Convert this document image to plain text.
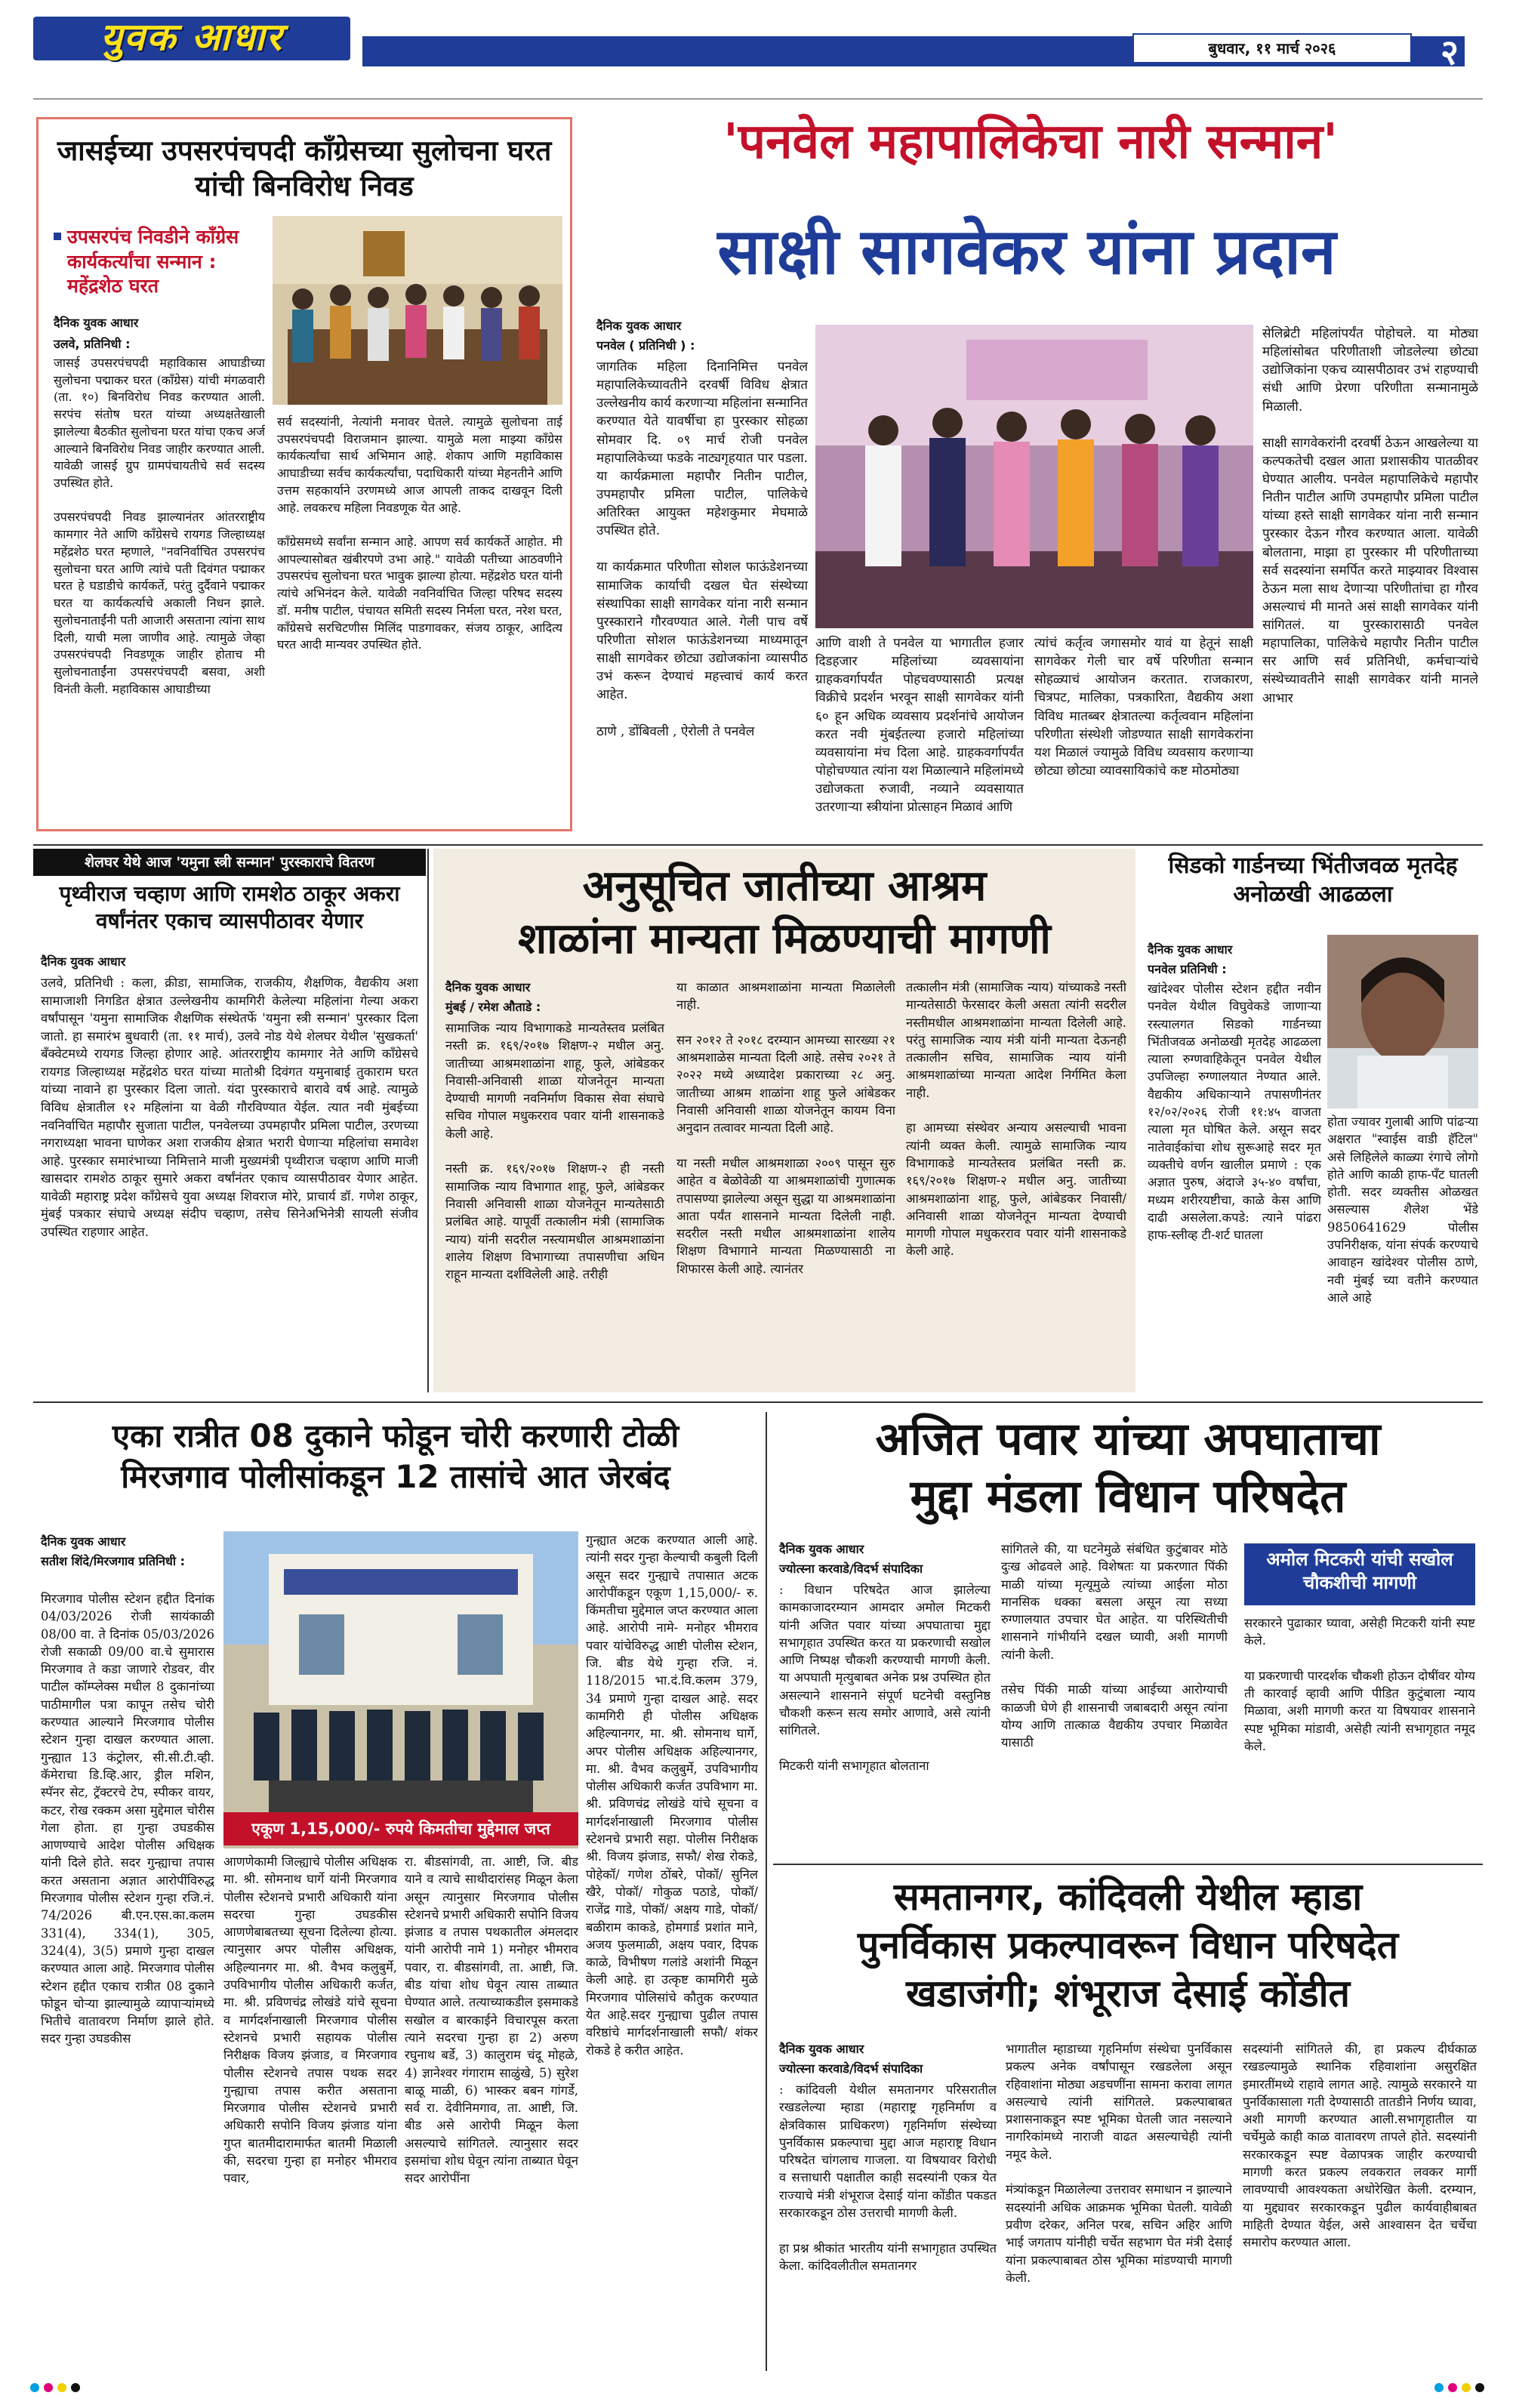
युवक आधार	बुधवार, ११ मार्च २०२६	२
जासईच्या उपसरपंचपदी कॉंग्रेसच्या सुलोचना घरत यांची बिनविरोध निवड
उपसरपंच निवडीने कॉंग्रेस कार्यकर्त्यांचा सन्मान : महेंद्रशेठ घरत
दैनिक युवक आधार
उलवे, प्रतिनिधी :
जासई उपसरपंचपदी महाविकास आघाडीच्या सुलोचना पद्माकर घरत (कॉंग्रेस) यांची मंगळवारी (ता. १०) बिनविरोध निवड करण्यात आली. सरपंच संतोष घरत यांच्या अध्यक्षतेखाली झालेल्या बैठकीत सुलोचना घरत यांचा एकच अर्ज आल्याने बिनविरोध निवड जाहीर करण्यात आली. यावेळी जासई ग्रुप ग्रामपंचायतीचे सर्व सदस्य उपस्थित होते.

उपसरपंचपदी निवड झाल्यानंतर आंतरराष्ट्रीय कामगार नेते आणि कॉंग्रेसचे रायगड जिल्हाध्यक्ष महेंद्रशेठ घरत म्हणाले, "नवनिर्वाचित उपसरपंच सुलोचना घरत आणि त्यांचे पती दिवंगत पद्माकर घरत हे घडाडीचे कार्यकर्ते, परंतु दुर्दैवाने पद्माकर घरत या कार्यकर्त्याचे अकाली निधन झाले. सुलोचनाताईंनी पती आजारी असताना त्यांना साथ दिली, याची मला जाणीव आहे. त्यामुळे जेव्हा उपसरपंचपदी निवडणूक जाहीर होताच मी सुलोचनाताईंना उपसरपंचपदी बसवा, अशी विनंती केली. महाविकास आघाडीच्या
सर्व सदस्यांनी, नेत्यांनी मनावर घेतले. त्यामुळे सुलोचना ताई उपसरपंचपदी विराजमान झाल्या. यामुळे मला माझ्या कॉंग्रेस कार्यकर्त्यांचा सार्थ अभिमान आहे. शेकाप आणि महाविकास आघाडीच्या सर्वच कार्यकर्त्यांचा, पदाधिकारी यांच्या मेहनतीने आणि उत्तम सहकार्याने उरणमध्ये आज आपली ताकद दाखवून दिली आहे. लवकरच महिला निवडणूक येत आहे.

कॉंग्रेसमध्ये सर्वांना सन्मान आहे. आपण सर्व कार्यकर्ते आहोत. मी आपल्यासोबत खंबीरपणे उभा आहे." यावेळी पतीच्या आठवणीने उपसरपंच सुलोचना घरत भावुक झाल्या होत्या. महेंद्रशेठ घरत यांनी त्यांचे अभिनंदन केले. यावेळी नवनिर्वाचित जिल्हा परिषद सदस्य डॉ. मनीष पाटील, पंचायत समिती सदस्य निर्मला घरत, नरेश घरत, कॉंग्रेसचे सरचिटणीस मिलिंद पाडगावकर, संजय ठाकूर, आदित्य घरत आदी मान्यवर उपस्थित होते.
'पनवेल महापालिकेचा नारी सन्मान'
साक्षी सागवेकर यांना प्रदान
दैनिक युवक आधार
पनवेल ( प्रतिनिधी ) :
जागतिक महिला दिनानिमित्त पनवेल महापालिकेच्यावतीने दरवर्षी विविध क्षेत्रात उल्लेखनीय कार्य करणाऱ्या महिलांना सन्मानित करण्यात येते यावर्षीचा हा पुरस्कार सोहळा सोमवार दि. ०९ मार्च रोजी पनवेल महापालिकेच्या फडके नाट्यगृहयात पार पडला. या कार्यक्रमाला महापौर नितीन पाटील, उपमहापौर प्रमिला पाटील, पालिकेचे अतिरिक्त आयुक्त महेशकुमार मेघमाळे उपस्थित होते.

या कार्यक्रमात परिणीता सोशल फाऊंडेशनच्या सामाजिक कार्याची दखल घेत संस्थेच्या संस्थापिका साक्षी सागवेकर यांना नारी सन्मान पुरस्काराने गौरवण्यात आले. गेली पाच वर्षे परिणीता सोशल फाऊंडेशनच्या माध्यमातून साक्षी सागवेकर छोट्या उद्योजकांना व्यासपीठ उभं करून देण्याचं महत्त्वाचं कार्य करत आहेत.

ठाणे , डोंबिवली , ऐरोली ते पनवेल
आणि वाशी ते पनवेल या भागातील हजार दिडहजार महिलांच्या व्यवसायांना ग्राहकवर्गापर्यंत पोहचवण्यासाठी प्रत्यक्ष विक्रीचे प्रदर्शन भरवून साक्षी सागवेकर यांनी ६० हून अधिक व्यवसाय प्रदर्शनांचे आयोजन करत नवी मुंबईतल्या हजारो महिलांच्या व्यवसायांना मंच दिला आहे. ग्राहकवर्गापर्यंत पोहोचण्यात त्यांना यश मिळाल्याने महिलांमध्ये उद्योजकता रुजावी, नव्याने व्यवसायात उतरणाऱ्या स्त्रीयांना प्रोत्साहन मिळावं आणि
त्यांचं कर्तृत्व जगासमोर यावं या हेतूनं साक्षी सागवेकर गेली चार वर्षे परिणीता सन्मान सोहळ्याचं आयोजन करतात. राजकारण, चित्रपट, मालिका, पत्रकारिता, वैद्यकीय अशा विविध मातब्बर क्षेत्रातल्या कर्तृत्ववान महिलांना परिणीता संस्थेशी जोडण्यात साक्षी सागवेकरांना यश मिळालं ज्यामुळे विविध व्यवसाय करणाऱ्या छोट्या छोट्या व्यावसायिकांचे कष्ट मोठमोठ्या
सेलिब्रेटी महिलांपर्यंत पोहोचले. या मोठ्या महिलांसोबत परिणीताशी जोडलेल्या छोट्या उद्योजिकांना एकच व्यासपीठावर उभं राहण्याची संधी आणि प्रेरणा परिणीता सन्मानामुळे मिळाली.

साक्षी सागवेकरांनी दरवर्षी ठेऊन आखलेल्या या कल्पकतेची दखल आता प्रशासकीय पातळीवर घेण्यात आलीय. पनवेल महापालिकेचे महापौर नितीन पाटील आणि उपमहापौर प्रमिला पाटील यांच्या हस्ते साक्षी सागवेकर यांना नारी सन्मान पुरस्कार देऊन गौरव करण्यात आला. यावेळी बोलताना, माझा हा पुरस्कार मी परिणीताच्या सर्व सदस्यांना समर्पित करते माझ्यावर विश्वास ठेऊन मला साथ देणाऱ्या परिणीतांचा हा गौरव असल्याचं मी मानते असं साक्षी सागवेकर यांनी सांगितलं. या पुरस्कारासाठी पनवेल महापालिका, पालिकेचे महापौर नितीन पाटील सर आणि सर्व प्रतिनिधी, कर्मचाऱ्यांचे संस्थेच्यावतीने साक्षी सागवेकर यांनी मानले आभार
शेलघर येथे आज 'यमुना स्त्री सन्मान' पुरस्काराचे वितरण
पृथ्वीराज चव्हाण आणि रामशेठ ठाकूर अकरा वर्षांनंतर एकाच व्यासपीठावर येणार
दैनिक युवक आधार
उलवे, प्रतिनिधी : कला, क्रीडा, सामाजिक, राजकीय, शैक्षणिक, वैद्यकीय अशा सामाजाशी निगडित क्षेत्रात उल्लेखनीय कामगिरी केलेल्या महिलांना गेल्या अकरा वर्षांपासून 'यमुना सामाजिक शैक्षणिक संस्थेतर्फे 'यमुना स्त्री सन्मान' पुरस्कार दिला जातो. हा समारंभ बुधवारी (ता. ११ मार्च), उलवे नोड येथे शेलघर येथील 'सुखकर्ता' बॅंक्वेटमध्ये रायगड जिल्हा होणार आहे. आंतरराष्ट्रीय कामगार नेते आणि कॉंग्रेसचे रायगड जिल्हाध्यक्ष महेंद्रशेठ घरत यांच्या मातोश्री दिवंगत यमुनाबाई तुकाराम घरत यांच्या नावाने हा पुरस्कार दिला जातो. यंदा पुरस्काराचे बारावे वर्ष आहे. त्यामुळे विविध क्षेत्रातील १२ महिलांना या वेळी गौरविण्यात येईल. त्यात नवी मुंबईच्या नवनिर्वाचित महापौर सुजाता पाटील, पनवेलच्या उपमहापौर प्रमिला पाटील, उरणच्या नगराध्यक्षा भावना घाणेकर अशा राजकीय क्षेत्रात भरारी घेणाऱ्या महिलांचा समावेश आहे. पुरस्कार समारंभाच्या निमित्ताने माजी मुख्यमंत्री पृथ्वीराज चव्हाण आणि माजी खासदार रामशेठ ठाकूर सुमारे अकरा वर्षांनंतर एकाच व्यासपीठावर येणार आहेत. यावेळी महाराष्ट्र प्रदेश कॉंग्रेसचे युवा अध्यक्ष शिवराज मोरे, प्राचार्य डॉ. गणेश ठाकूर, मुंबई पत्रकार संघाचे अध्यक्ष संदीप चव्हाण, तसेच सिनेअभिनेत्री सायली संजीव उपस्थित राहणार आहेत.
अनुसूचित जातीच्या आश्रम
शाळांना मान्यता मिळण्याची मागणी
दैनिक युवक आधार
मुंबई / रमेश औताडे :
सामाजिक न्याय विभागाकडे मान्यतेस्तव प्रलंबित नस्ती क्र. १६९/२०१७ शिक्षण-२ मधील अनु. जातीच्या आश्रमशाळांना शाहू, फुले, आंबेडकर निवासी-अनिवासी शाळा योजनेतून मान्यता देण्याची मागणी नवनिर्माण विकास सेवा संघाचे सचिव गोपाल मधुकरराव पवार यांनी शासनाकडे केली आहे.

नस्ती क्र. १६९/२०१७ शिक्षण-२ ही नस्ती सामाजिक न्याय विभागात शाहू, फुले, आंबेडकर निवासी अनिवासी शाळा योजनेतून मान्यतेसाठी प्रलंबित आहे. यापूर्वी तत्कालीन मंत्री (सामाजिक न्याय) यांनी सदरील नस्त्यामधील आश्रमशाळांना शालेय शिक्षण विभागाच्या तपासणीचा अधिन राहून मान्यता दर्शविलेली आहे. तरीही
या काळात आश्रमशाळांना मान्यता मिळालेली नाही.

सन २०१२ ते २०१८ दरम्यान आमच्या सारख्या २१ आश्रमशाळेस मान्यता दिली आहे. तसेच २०२१ ते २०२२ मध्ये अध्यादेश प्रकाराच्या २८ अनु. जातीच्या आश्रम शाळांना शाहू फुले आंबेडकर निवासी अनिवासी शाळा योजनेतून कायम विना अनुदान तत्वावर मान्यता दिली आहे.

या नस्ती मधील आश्रमशाळा २००९ पासून सुरु आहेत व बेळोवेळी या आश्रमशाळांची गुणात्मक तपासण्या झालेल्या असून सुद्धा या आश्रमशाळांना आता पर्यंत शासनाने मान्यता दिलेली नाही. सदरील नस्ती मधील आश्रमशाळांना शालेय शिक्षण विभागाने मान्यता मिळण्यासाठी ना शिफारस केली आहे. त्यानंतर
तत्कालीन मंत्री (सामाजिक न्याय) यांच्याकडे नस्ती मान्यतेसाठी फेरसादर केली असता त्यांनी सदरील नस्तीमधील आश्रमशाळांना मान्यता दिलेली आहे. परंतु सामाजिक न्याय मंत्री यांनी मान्यता देऊनही तत्कालीन सचिव, सामाजिक न्याय यांनी आश्रमशाळांच्या मान्यता आदेश निर्गमित केला नाही.

हा आमच्या संस्थेवर अन्याय असल्याची भावना त्यांनी व्यक्त केली. त्यामुळे सामाजिक न्याय विभागाकडे मान्यतेस्तव प्रलंबित नस्ती क्र. १६९/२०१७ शिक्षण-२ मधील अनु. जातीच्या आश्रमशाळांना शाहू, फुले, आंबेडकर निवासी/अनिवासी शाळा योजनेतून मान्यता देण्याची मागणी गोपाल मधुकरराव पवार यांनी शासनाकडे केली आहे.
सिडको गार्डनच्या भिंतीजवळ मृतदेह अनोळखी आढळला
दैनिक युवक आधार
पनवेल प्रतिनिधी :
खांदेश्वर पोलीस स्टेशन हद्दीत नवीन पनवेल येथील विघुवेकडे जाणाऱ्या रस्त्यालगत सिडको गार्डनच्या भिंतीजवळ अनोळखी मृतदेह आढळला त्याला रुग्णवाहिकेतून पनवेल येथील उपजिल्हा रुग्णालयात नेण्यात आले. वैद्यकीय अधिकाऱ्याने तपासणीनंतर १२/०२/२०२६ रोजी ११:४५ वाजता त्याला मृत घोषित केले. असून सदर नातेवाईकांचा शोध सुरूआहे सदर मृत व्यक्तीचे वर्णन खालील प्रमाणे : एक अज्ञात पुरुष, अंदाजे ३५-४० वर्षांचा, मध्यम शरीरयष्टीचा, काळे केस आणि दाढी असलेला.कपडे: त्याने पांढरा हाफ-स्लीव्ह टी-शर्ट घातला
होता ज्यावर गुलाबी आणि पांढऱ्या अक्षरात "स्वाईस वाडी हॅटिल" असे लिहिलेले काळ्या रंगाचे लोगो होते आणि काळी हाफ-पॅंट घातली होती. सदर व्यक्तीस ओळखत असल्यास शैलेश भेंडे 9850641629 पोलीस उपनिरीक्षक, यांना संपर्क करण्याचे आवाहन खांदेश्वर पोलीस ठाणे, नवी मुंबई च्या वतीने करण्यात आले आहे
एका रात्रीत 08 दुकाने फोडून चोरी करणारी टोळी
मिरजगाव पोलीसांकडून 12 तासांचे आत जेरबंद
दैनिक युवक आधार
सतीश शिंदे/मिरजगाव प्रतिनिधी :
मिरजगाव पोलीस स्टेशन हद्दीत दिनांक 04/03/2026 रोजी सायंकाळी 08/00 वा. ते दिनांक 05/03/2026 रोजी सकाळी 09/00 वा.चे सुमारास मिरजगाव ते कडा जाणारे रोडवर, वीर पाटील कॉम्प्लेक्स मधील 8 दुकानांच्या पाठीमागील पत्रा कापून तसेच चोरी करण्यात आल्याने मिरजगाव पोलीस स्टेशन गुन्हा दाखल करण्यात आला. गुन्ह्यात 13 कंट्रोलर, सी.सी.टी.व्ही. कॅमेराचा डि.व्हि.आर, ड्रील मशिन, स्पॅनर सेट, ट्रॅक्टरचे टेप, स्पीकर वायर, कटर, रोख रक्कम असा मुद्देमाल चोरीस गेला होता. हा गुन्हा उघडकीस आणण्याचे आदेश पोलीस अधिक्षक यांनी दिले होते. सदर गुन्ह्याचा तपास करत असताना अज्ञात आरोपींविरुद्ध मिरजगाव पोलीस स्टेशन गुन्हा रजि.नं. 74/2026 बी.एन.एस.का.कलम 331(4), 334(1), 305, 324(4), 3(5) प्रमाणे गुन्हा दाखल करण्यात आला आहे. मिरजगाव पोलीस स्टेशन हद्दीत एकाच रात्रीत 08 दुकाने फोडून चोऱ्या झाल्यामुळे व्यापाऱ्यांमध्ये भितीचे वातावरण निर्माण झाले होते. सदर गुन्हा उघडकीस
एकूण 1,15,000/- रुपये किमतीचा मुद्देमाल जप्त
आणणेकामी जिल्ह्याचे पोलीस अधिक्षक मा. श्री. सोमनाथ घार्गे यांनी मिरजगाव पोलीस स्टेशनचे प्रभारी अधिकारी यांना सदरचा गुन्हा उघडकीस आणणेबाबतच्या सूचना दिलेल्या होत्या. त्यानुसार अपर पोलीस अधिक्षक, अहिल्यानगर मा. श्री. वैभव कलुबुर्मे, उपविभागीय पोलीस अधिकारी कर्जत, मा. श्री. प्रविणचंद्र लोखंडे यांचे सूचना व मार्गदर्शनाखाली मिरजगाव पोलीस स्टेशनचे प्रभारी सहायक पोलीस निरीक्षक विजय झंजाड, व मिरजगाव पोलीस स्टेशनचे तपास पथक सदर गुन्ह्याचा तपास करीत असताना मिरजगाव पोलीस स्टेशनचे प्रभारी अधिकारी सपोनि विजय झंजाड यांना गुप्त बातमीदारामार्फत बातमी मिळाली की, सदरचा गुन्हा हा मनोहर भीमराव पवार,
रा. बीडसांगवी, ता. आष्टी, जि. बीड याने व त्याचे साथीदारांसह मिळून केला असून त्यानुसार मिरजगाव पोलीस स्टेशनचे प्रभारी अधिकारी सपोनि विजय झंजाड व तपास पथकातील अंमलदार यांनी आरोपी नामे 1) मनोहर भीमराव पवार, रा. बीडसांगवी, ता. आष्टी, जि. बीड यांचा शोध घेवून त्यास ताब्यात घेण्यात आले. तत्याच्याकडील इसमाकडे सखोल व बारकाईने विचारपूस करता त्याने सदरचा गुन्हा हा 2) अरुण रघुनाथ बर्डे, 3) कालुराम चंदू मोहळे, 4) ज्ञानेश्वर गंगाराम साळुंखे, 5) सुरेश बाळू माळी, 6) भास्कर बबन गांगर्डे, सर्व रा. देवीनिमगाव, ता. आष्टी, जि. बीड असे आरोपी मिळून केला असल्याचे सांगितले. त्यानुसार सदर इसमांचा शोध घेवून त्यांना ताब्यात घेवून सदर आरोपींना
गुन्ह्यात अटक करण्यात आली आहे. त्यांनी सदर गुन्हा केल्याची कबुली दिली असून सदर गुन्ह्याचे तपासात अटक आरोपींकडून एकूण 1,15,000/- रु. किंमतीचा मुद्देमाल जप्त करण्यात आला आहे. आरोपी नामे- मनोहर भीमराव पवार यांचेविरुद्ध आष्टी पोलीस स्टेशन, जि. बीड येथे गुन्हा रजि. नं. 118/2015 भा.दं.वि.कलम 379, 34 प्रमाणे गुन्हा दाखल आहे. सदर कामगिरी ही पोलीस अधिक्षक अहिल्यानगर, मा. श्री. सोमनाथ घार्गे, अपर पोलीस अधिक्षक अहिल्यानगर, मा. श्री. वैभव कलुबुर्मे, उपविभागीय पोलीस अधिकारी कर्जत उपविभाग मा. श्री. प्रविणचंद्र लोखंडे यांचे सूचना व मार्गदर्शनाखाली मिरजगाव पोलीस स्टेशनचे प्रभारी सहा. पोलीस निरीक्षक श्री. विजय झंजाड, सफौ/ शेख रोकडे, पोहेकॉ/ गणेश ठोंबरे, पोकॉ/ सुनिल खैरे, पोकॉ/ गोकुळ पठाडे, पोकॉ/ राजेंद्र गाडे, पोकॉ/ अक्षय गाडे, पोकॉ/ बळीराम काकडे, होमगार्ड प्रशांत माने, अजय फुलमाळी, अक्षय पवार, दिपक काळे, विभीषण गलांडे अशांनी मिळून केली आहे. हा उत्कृष्ट कामगिरी मुळे मिरजगाव पोलिसांचे कौतुक करण्यात येत आहे.सदर गुन्ह्याचा पुढील तपास वरिष्ठांचे मार्गदर्शनाखाली सफौ/ शंकर रोकडे हे करीत आहेत.
अजित पवार यांच्या अपघाताचा
मुद्दा मंडला विधान परिषदेत
दैनिक युवक आधार
ज्योत्स्ना करवाडे/विदर्भ संपादिका
: विधान परिषदेत आज झालेल्या कामकाजादरम्यान आमदार अमोल मिटकरी यांनी अजित पवार यांच्या अपघाताचा मुद्दा सभागृहात उपस्थित करत या प्रकरणाची सखोल आणि निष्पक्ष चौकशी करण्याची मागणी केली. या अपघाती मृत्युबाबत अनेक प्रश्न उपस्थित होत असल्याने शासनाने संपूर्ण घटनेची वस्तुनिष्ठ चौकशी करून सत्य समोर आणावे, असे त्यांनी सांगितले.

मिटकरी यांनी सभागृहात बोलताना
सांगितले की, या घटनेमुळे संबंधित कुटुंबावर मोठे दुःख ओढवले आहे. विशेषतः या प्रकरणात पिंकी माळी यांच्या मृत्यूमुळे त्यांच्या आईला मोठा मानसिक धक्का बसला असून त्या सध्या रुग्णालयात उपचार घेत आहेत. या परिस्थितीची शासनाने गांभीर्याने दखल घ्यावी, अशी मागणी त्यांनी केली.

तसेच पिंकी माळी यांच्या आईच्या आरोग्याची काळजी घेणे ही शासनाची जबाबदारी असून त्यांना योग्य आणि तात्काळ वैद्यकीय उपचार मिळावेत यासाठी
अमोल मिटकरी यांची सखोल चौकशीची मागणी
सरकारने पुढाकार घ्यावा, असेही मिटकरी यांनी स्पष्ट केले.

या प्रकरणाची पारदर्शक चौकशी होऊन दोषींवर योग्य ती कारवाई व्हावी आणि पीडित कुटुंबाला न्याय मिळावा, अशी मागणी करत या विषयावर शासनाने स्पष्ट भूमिका मांडावी, असेही त्यांनी सभागृहात नमूद केले.
समतानगर, कांदिवली येथील म्हाडा
पुनर्विकास प्रकल्पावरून विधान परिषदेत
खडाजंगी; शंभूराज देसाई कोंडीत
दैनिक युवक आधार
ज्योत्स्ना करवाडे/विदर्भ संपादिका
: कांदिवली येथील समतानगर परिसरातील रखडलेल्या म्हाडा (महाराष्ट्र गृहनिर्माण व क्षेत्रविकास प्राधिकरण) गृहनिर्माण संस्थेच्या पुनर्विकास प्रकल्पाचा मुद्दा आज महाराष्ट्र विधान परिषदेत चांगलाच गाजला. या विषयावर विरोधी व सत्ताधारी पक्षातील काही सदस्यांनी एकत्र येत राज्याचे मंत्री शंभूराज देसाई यांना कोंडीत पकडत सरकारकडून ठोस उत्तराची मागणी केली.

हा प्रश्न श्रीकांत भारतीय यांनी सभागृहात उपस्थित केला. कांदिवलीतील समतानगर
भागातील म्हाडाच्या गृहनिर्माण संस्थेचा पुनर्विकास प्रकल्प अनेक वर्षांपासून रखडलेला असून रहिवाशांना मोठ्या अडचणींना सामना करावा लागत असल्याचे त्यांनी सांगितले. प्रकल्पाबाबत प्रशासनाकडून स्पष्ट भूमिका घेतली जात नसल्याने नागरिकांमध्ये नाराजी वाढत असल्याचेही त्यांनी नमूद केले.

मंत्र्यांकडून मिळालेल्या उत्तरावर समाधान न झाल्याने सदस्यांनी अधिक आक्रमक भूमिका घेतली. यावेळी प्रवीण दरेकर, अनिल परब, सचिन अहिर आणि भाई जगताप यांनीही चर्चेत सहभाग घेत मंत्री देसाई यांना प्रकल्पाबाबत ठोस भूमिका मांडण्याची मागणी केली.
सदस्यांनी सांगितले की, हा प्रकल्प दीर्घकाळ रखडल्यामुळे स्थानिक रहिवाशांना असुरक्षित इमारतींमध्ये राहावे लागत आहे. त्यामुळे सरकारने या पुनर्विकासाला गती देण्यासाठी तातडीने निर्णय घ्यावा, अशी मागणी करण्यात आली.सभागृहातील या चर्चेमुळे काही काळ वातावरण तापले होते. सदस्यांनी सरकारकडून स्पष्ट वेळापत्रक जाहीर करण्याची मागणी करत प्रकल्प लवकरात लवकर मार्गी लावण्याची आवश्यकता अधोरेखित केली. दरम्यान, या मुद्द्यावर सरकारकडून पुढील कार्यवाहीबाबत माहिती देण्यात येईल, असे आश्वासन देत चर्चेचा समारोप करण्यात आला.
